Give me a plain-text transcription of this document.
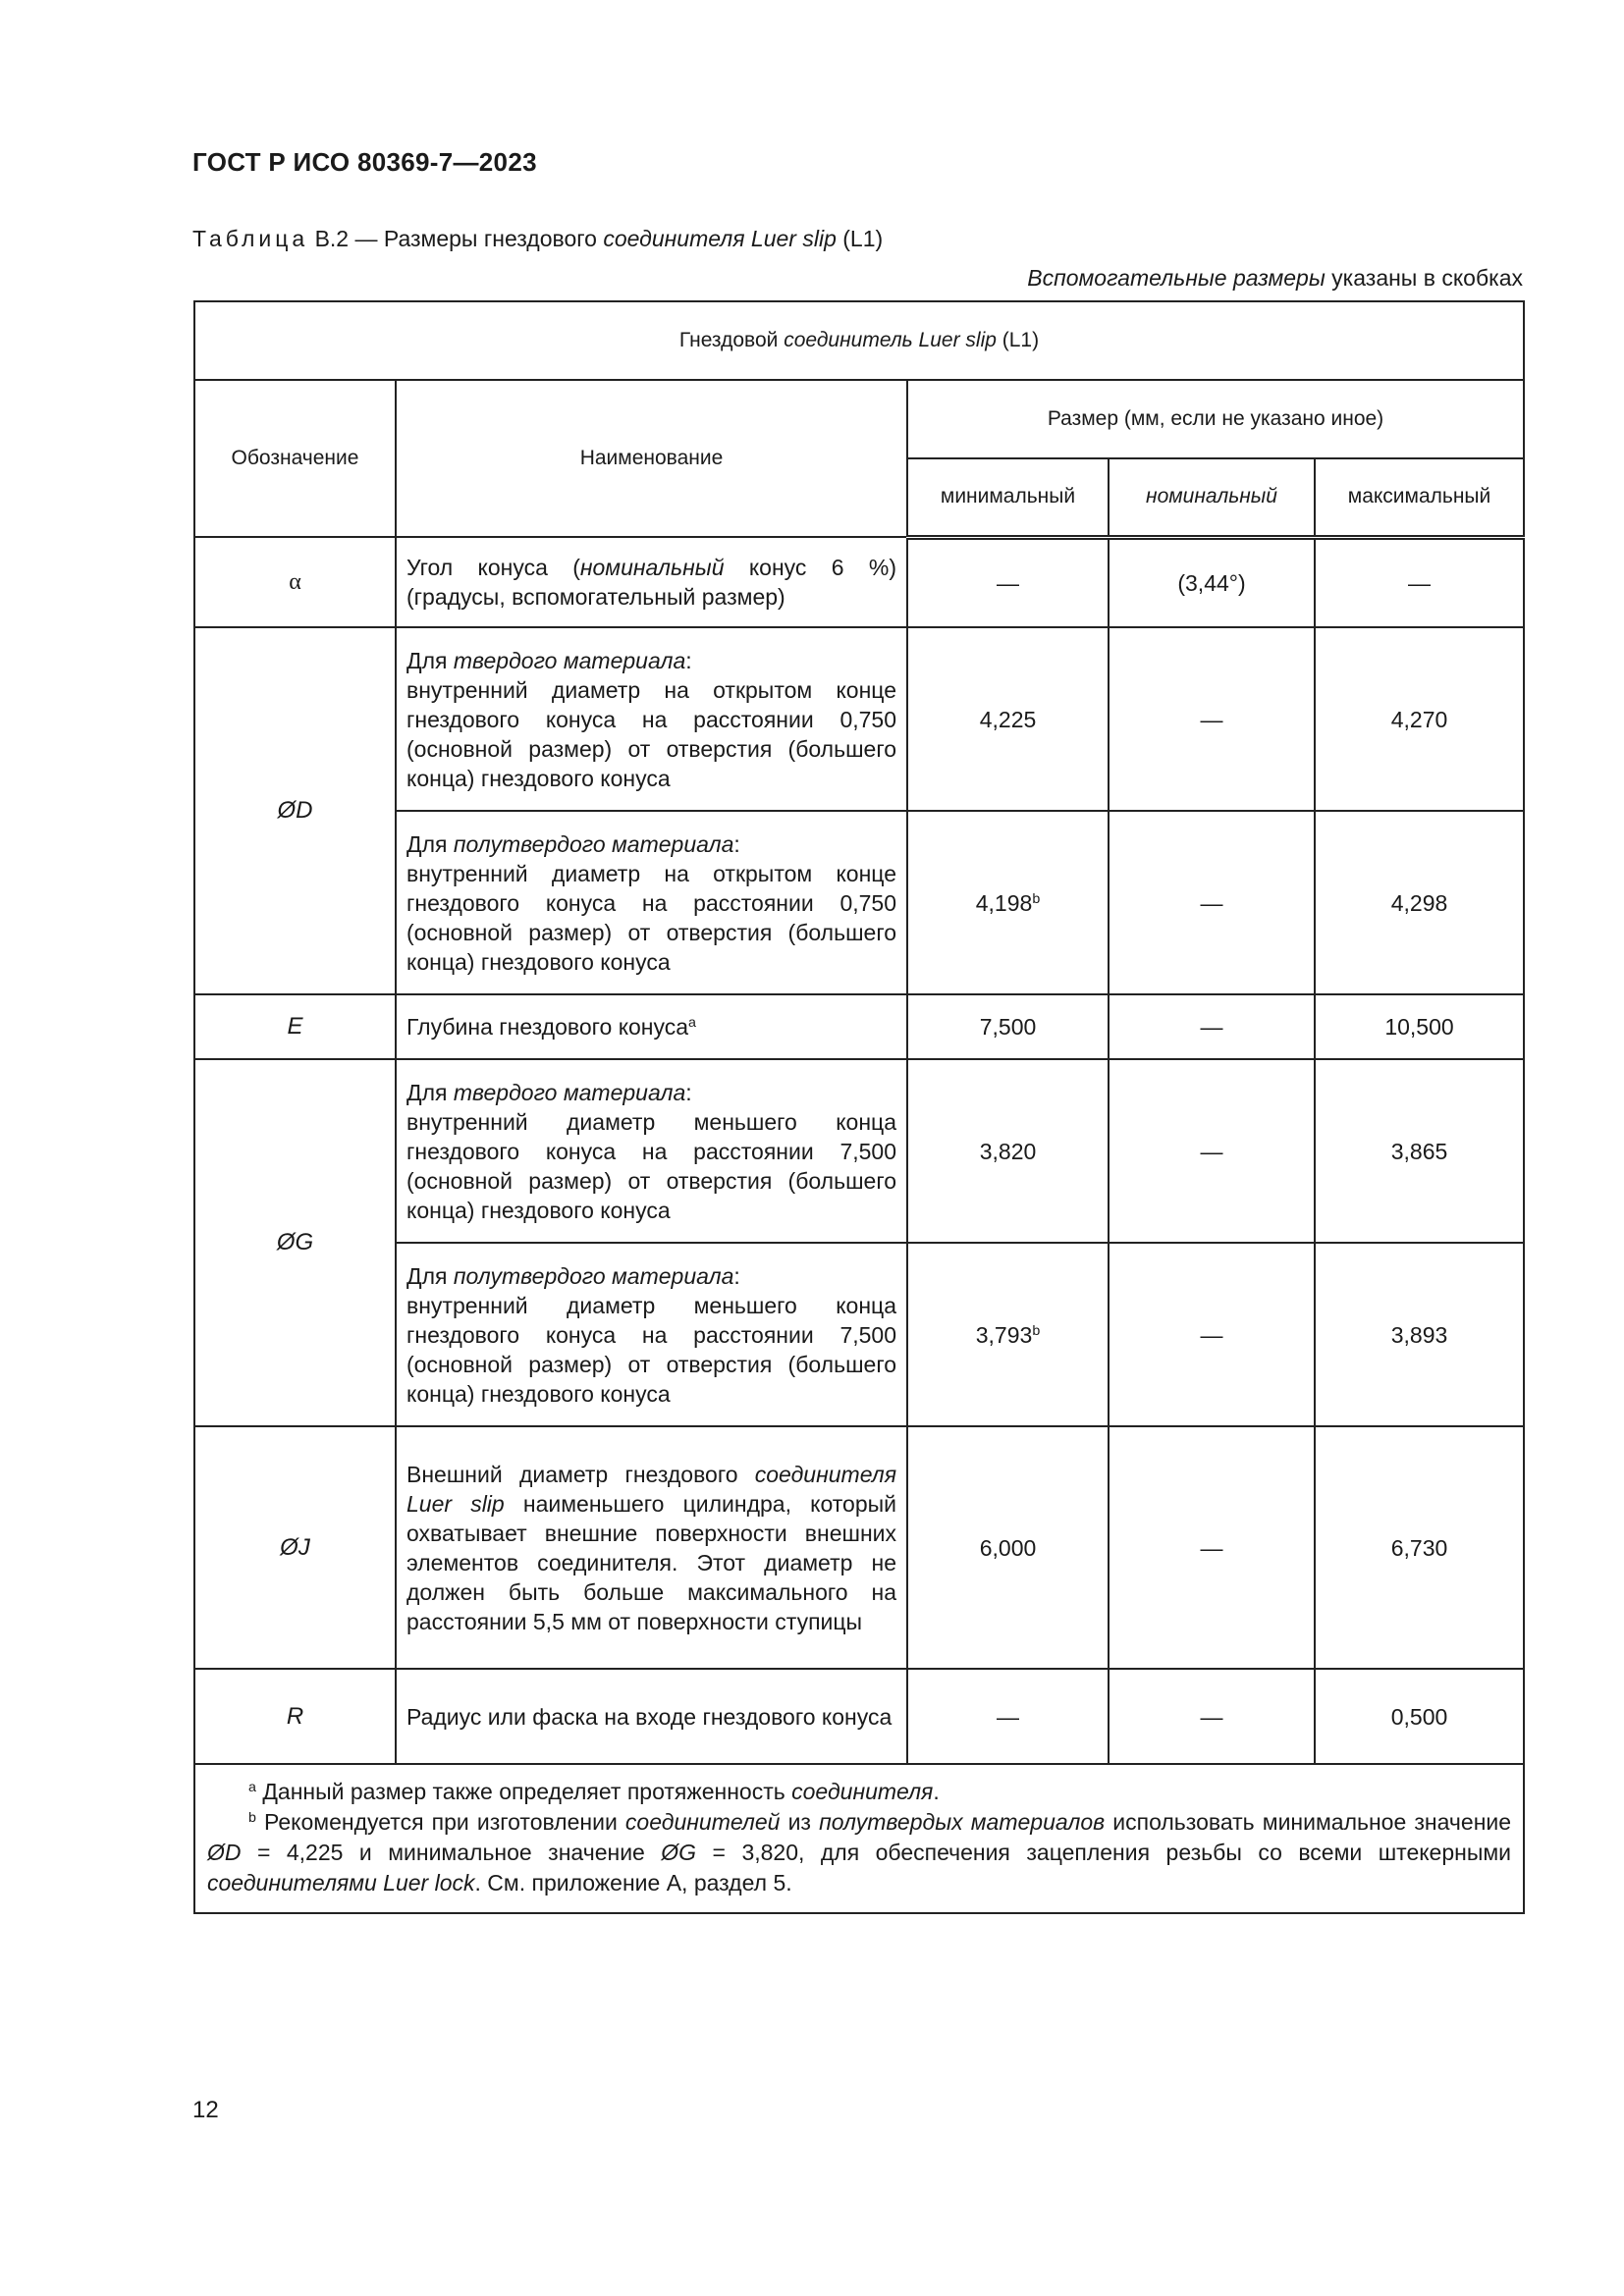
ГОСТ Р ИСО 80369-7—2023
Таблица В.2 — Размеры гнездового соединителя Luer slip (L1)
Вспомогательные размеры указаны в скобках
Гнездовой соединитель Luer slip (L1)				
Обозначение	Наименование	Размер (мм, если не указано иное)		
		минимальный	номинальный	максимальный
α	Угол конуса (номинальный конус 6 %) (градусы, вспомогательный размер)	—	(3,44°)	—
ØD	Для твердого материала:
внутренний диаметр на открытом конце гнездового конуса на расстоянии 0,750 (основной размер) от отверстия (большего конца) гнездового конуса	4,225	—	4,270

	Для полутвердого материала:
внутренний диаметр на открытом конце гнездового конуса на расстоянии 0,750 (основной размер) от отверстия (большего конца) гнездового конуса	4,198$^b$	—	4,298
E	Глубина гнездового конуса$^a$	7,500	—	10,500
ØG	Для твердого материала:
внутренний диаметр меньшего конца гнездового конуса на расстоянии 7,500 (основной размер) от отверстия (большего конца) гнездового конуса	3,820	—	3,865

	Для полутвердого материала:
внутренний диаметр меньшего конца гнездового конуса на расстоянии 7,500 (основной размер) от отверстия (большего конца) гнездового конуса	3,793$^b$	—	3,893
ØJ	Внешний диаметр гнездового соединителя Luer slip наименьшего цилиндра, который охватывает внешние поверхности внешних элементов соединителя. Этот диаметр не должен быть больше максимального на расстоянии 5,5 мм от поверхности ступицы	6,000	—	6,730
R	Радиус или фаска на входе гнездового конуса	—	—	0,500

$^a$ Данный размер также определяет протяженность соединителя.

$^b$ Рекомендуется при изготовлении соединителей из полутвердых материалов использовать минимальное значение ØD = 4,225 и минимальное значение ØG = 3,820, для обеспечения зацепления резьбы со всеми штекерными соединителями Luer lock. См. приложение А, раздел 5.				

12
